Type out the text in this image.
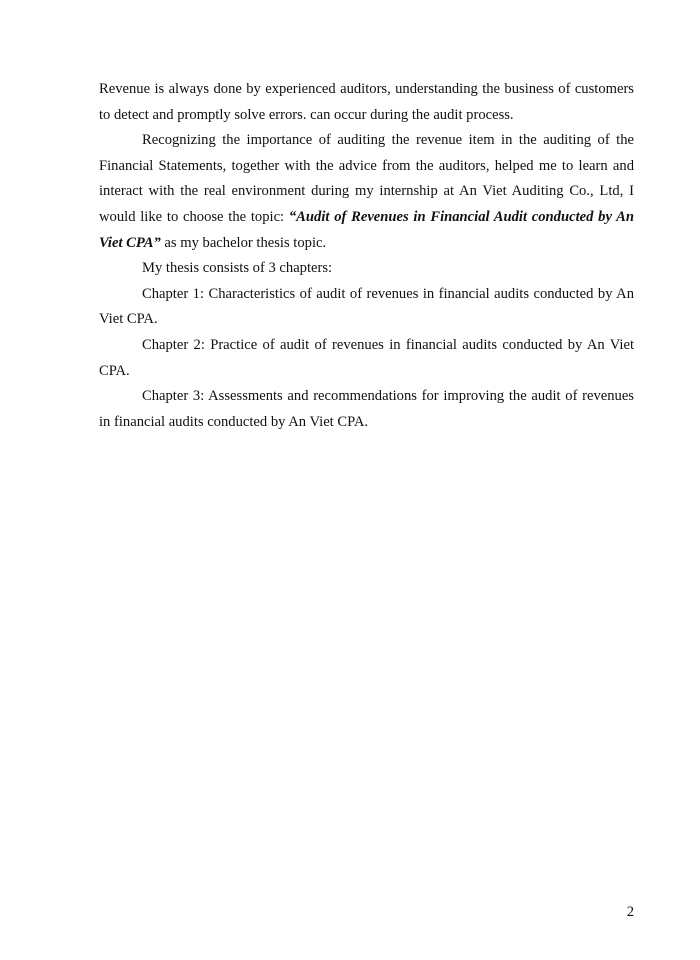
Revenue is always done by experienced auditors, understanding the business of customers to detect and promptly solve errors. can occur during the audit process.

Recognizing the importance of auditing the revenue item in the auditing of the Financial Statements, together with the advice from the auditors, helped me to learn and interact with the real environment during my internship at An Viet Auditing Co., Ltd, I would like to choose the topic: “Audit of Revenues in Financial Audit conducted by An Viet CPA” as my bachelor thesis topic.

My thesis consists of 3 chapters:

Chapter 1: Characteristics of audit of revenues in financial audits conducted by An Viet CPA.

Chapter 2: Practice of audit of revenues in financial audits conducted by An Viet CPA.

Chapter 3: Assessments and recommendations for improving the audit of revenues in financial audits conducted by An Viet CPA.

2
